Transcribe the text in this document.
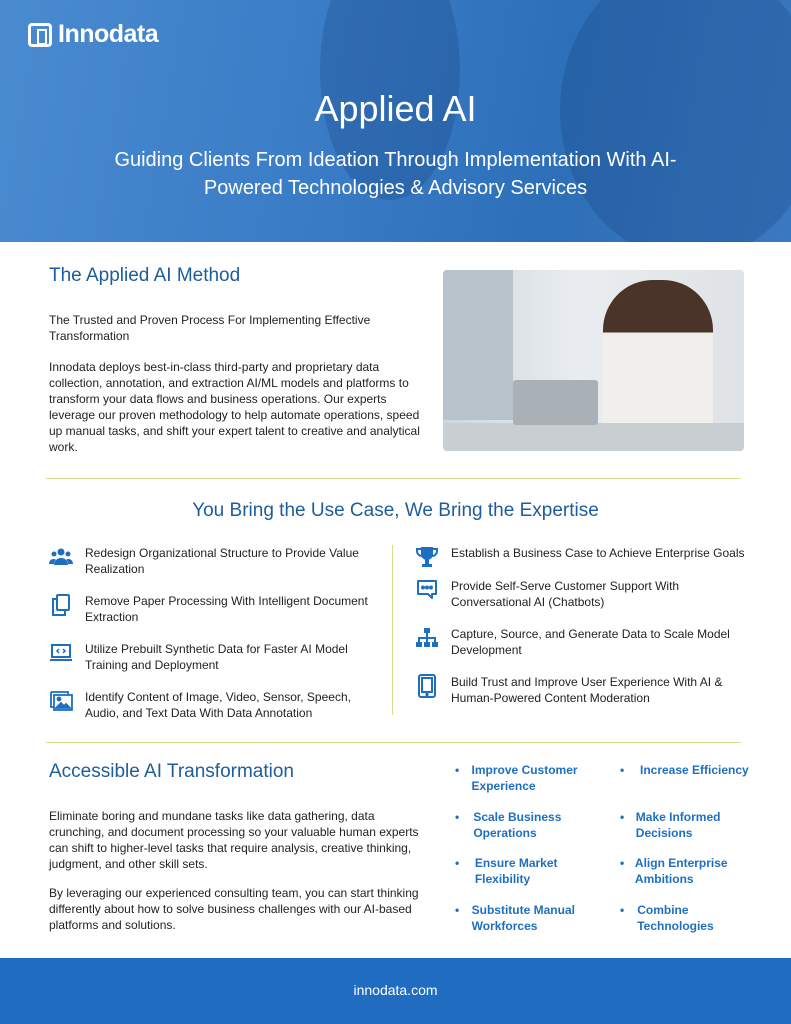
Innodata
Applied AI
Guiding Clients From Ideation Through Implementation With AI-Powered Technologies & Advisory Services
The Applied AI Method
The Trusted and Proven Process For Implementing Effective Transformation
Innodata deploys best-in-class third-party and proprietary data collection, annotation, and extraction AI/ML models and platforms to transform your data flows and business operations. Our experts leverage our proven methodology to help automate operations, speed up manual tasks, and shift your expert talent to creative and analytical work.
You Bring the Use Case, We Bring the Expertise
Redesign Organizational Structure to Provide Value Realization
Remove Paper Processing With Intelligent Document Extraction
Utilize Prebuilt Synthetic Data for Faster AI Model Training and Deployment
Identify Content of Image, Video, Sensor, Speech, Audio, and Text Data With Data Annotation
Establish a Business Case to Achieve Enterprise Goals
Provide Self-Serve Customer Support With Conversational AI (Chatbots)
Capture, Source, and Generate Data to Scale Model Development
Build Trust and Improve User Experience With AI & Human-Powered Content Moderation
Accessible AI Transformation
Eliminate boring and mundane tasks like data gathering, data crunching, and document processing so your valuable human experts can shift to higher-level tasks that require analysis, creative thinking, judgment, and other skill sets.
By leveraging our experienced consulting team, you can start thinking differently about how to solve business challenges with our AI-based platforms and solutions.
•	Improve Customer Experience
•	Scale Business Operations
•	Ensure Market Flexibility
•	Substitute Manual Workforces
•	Increase Efficiency
• Make Informed Decisions
• Align Enterprise Ambitions
•	Combine Technologies
innodata.com
